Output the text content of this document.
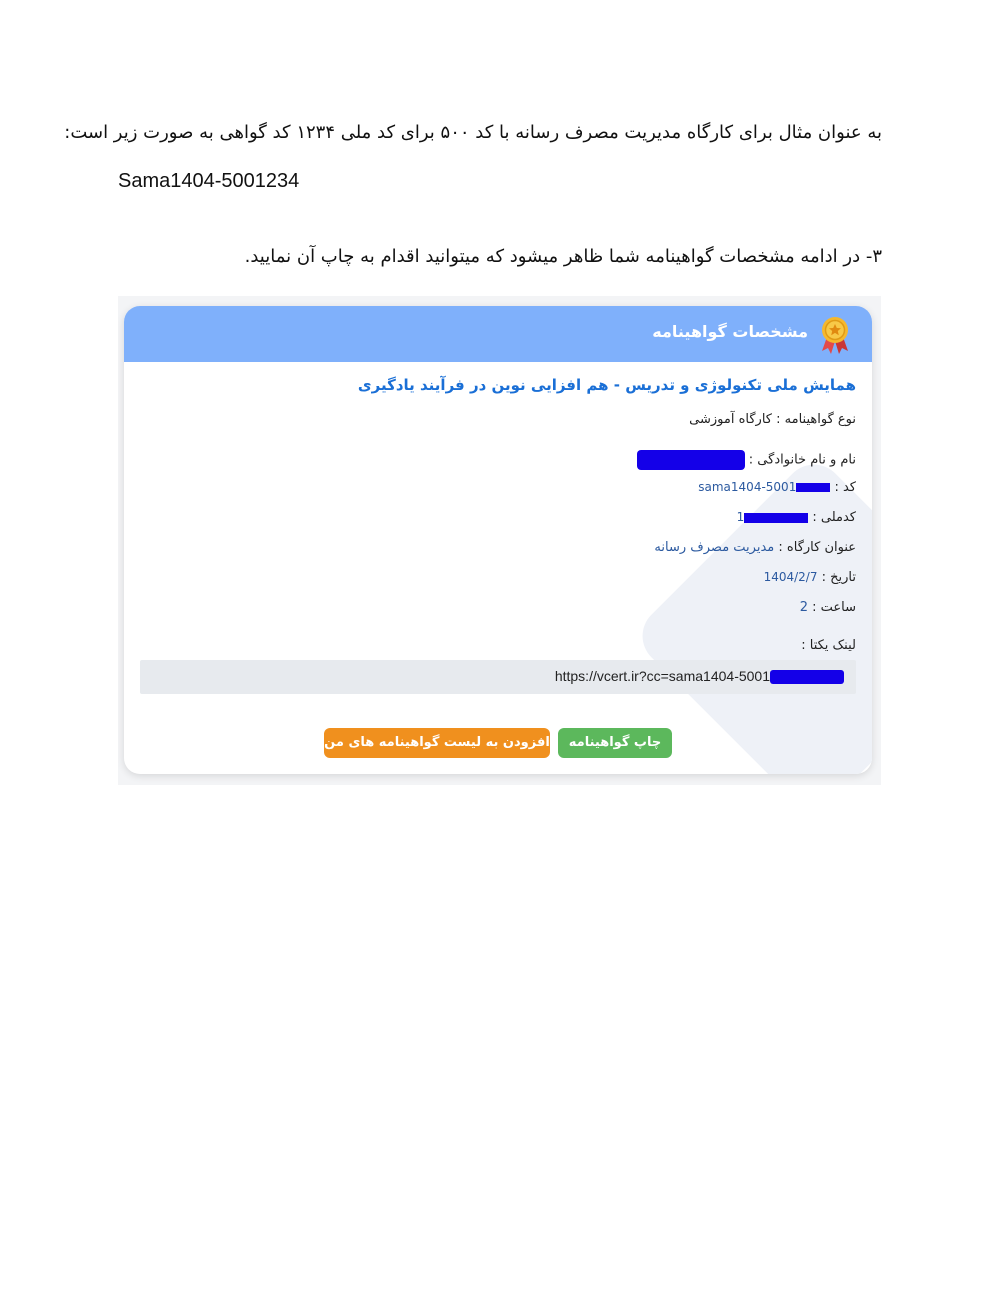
به عنوان مثال برای کارگاه مدیریت مصرف رسانه با کد ۵۰۰ برای کد ملی ۱۲۳۴ کد گواهی به صورت زیر است:
Sama1404-5001234
۳- در ادامه مشخصات گواهینامه شما ظاهر میشود که میتوانید اقدام به چاپ آن نمایید.
مشخصات گواهینامه
همایش ملی تکنولوژی و تدریس - هم افزایی نوین در فرآیند یادگیری
نوع گواهینامه : کارگاه آموزشی
نام و نام خانوادگی :
کد : sama1404-5001
کدملی : 1
عنوان کارگاه : مدیریت مصرف رسانه
تاریخ : 1404/2/7
ساعت : 2
لینک یکتا :
https://vcert.ir?cc=sama1404-5001
چاپ گواهینامه
افزودن به لیست گواهینامه های من
